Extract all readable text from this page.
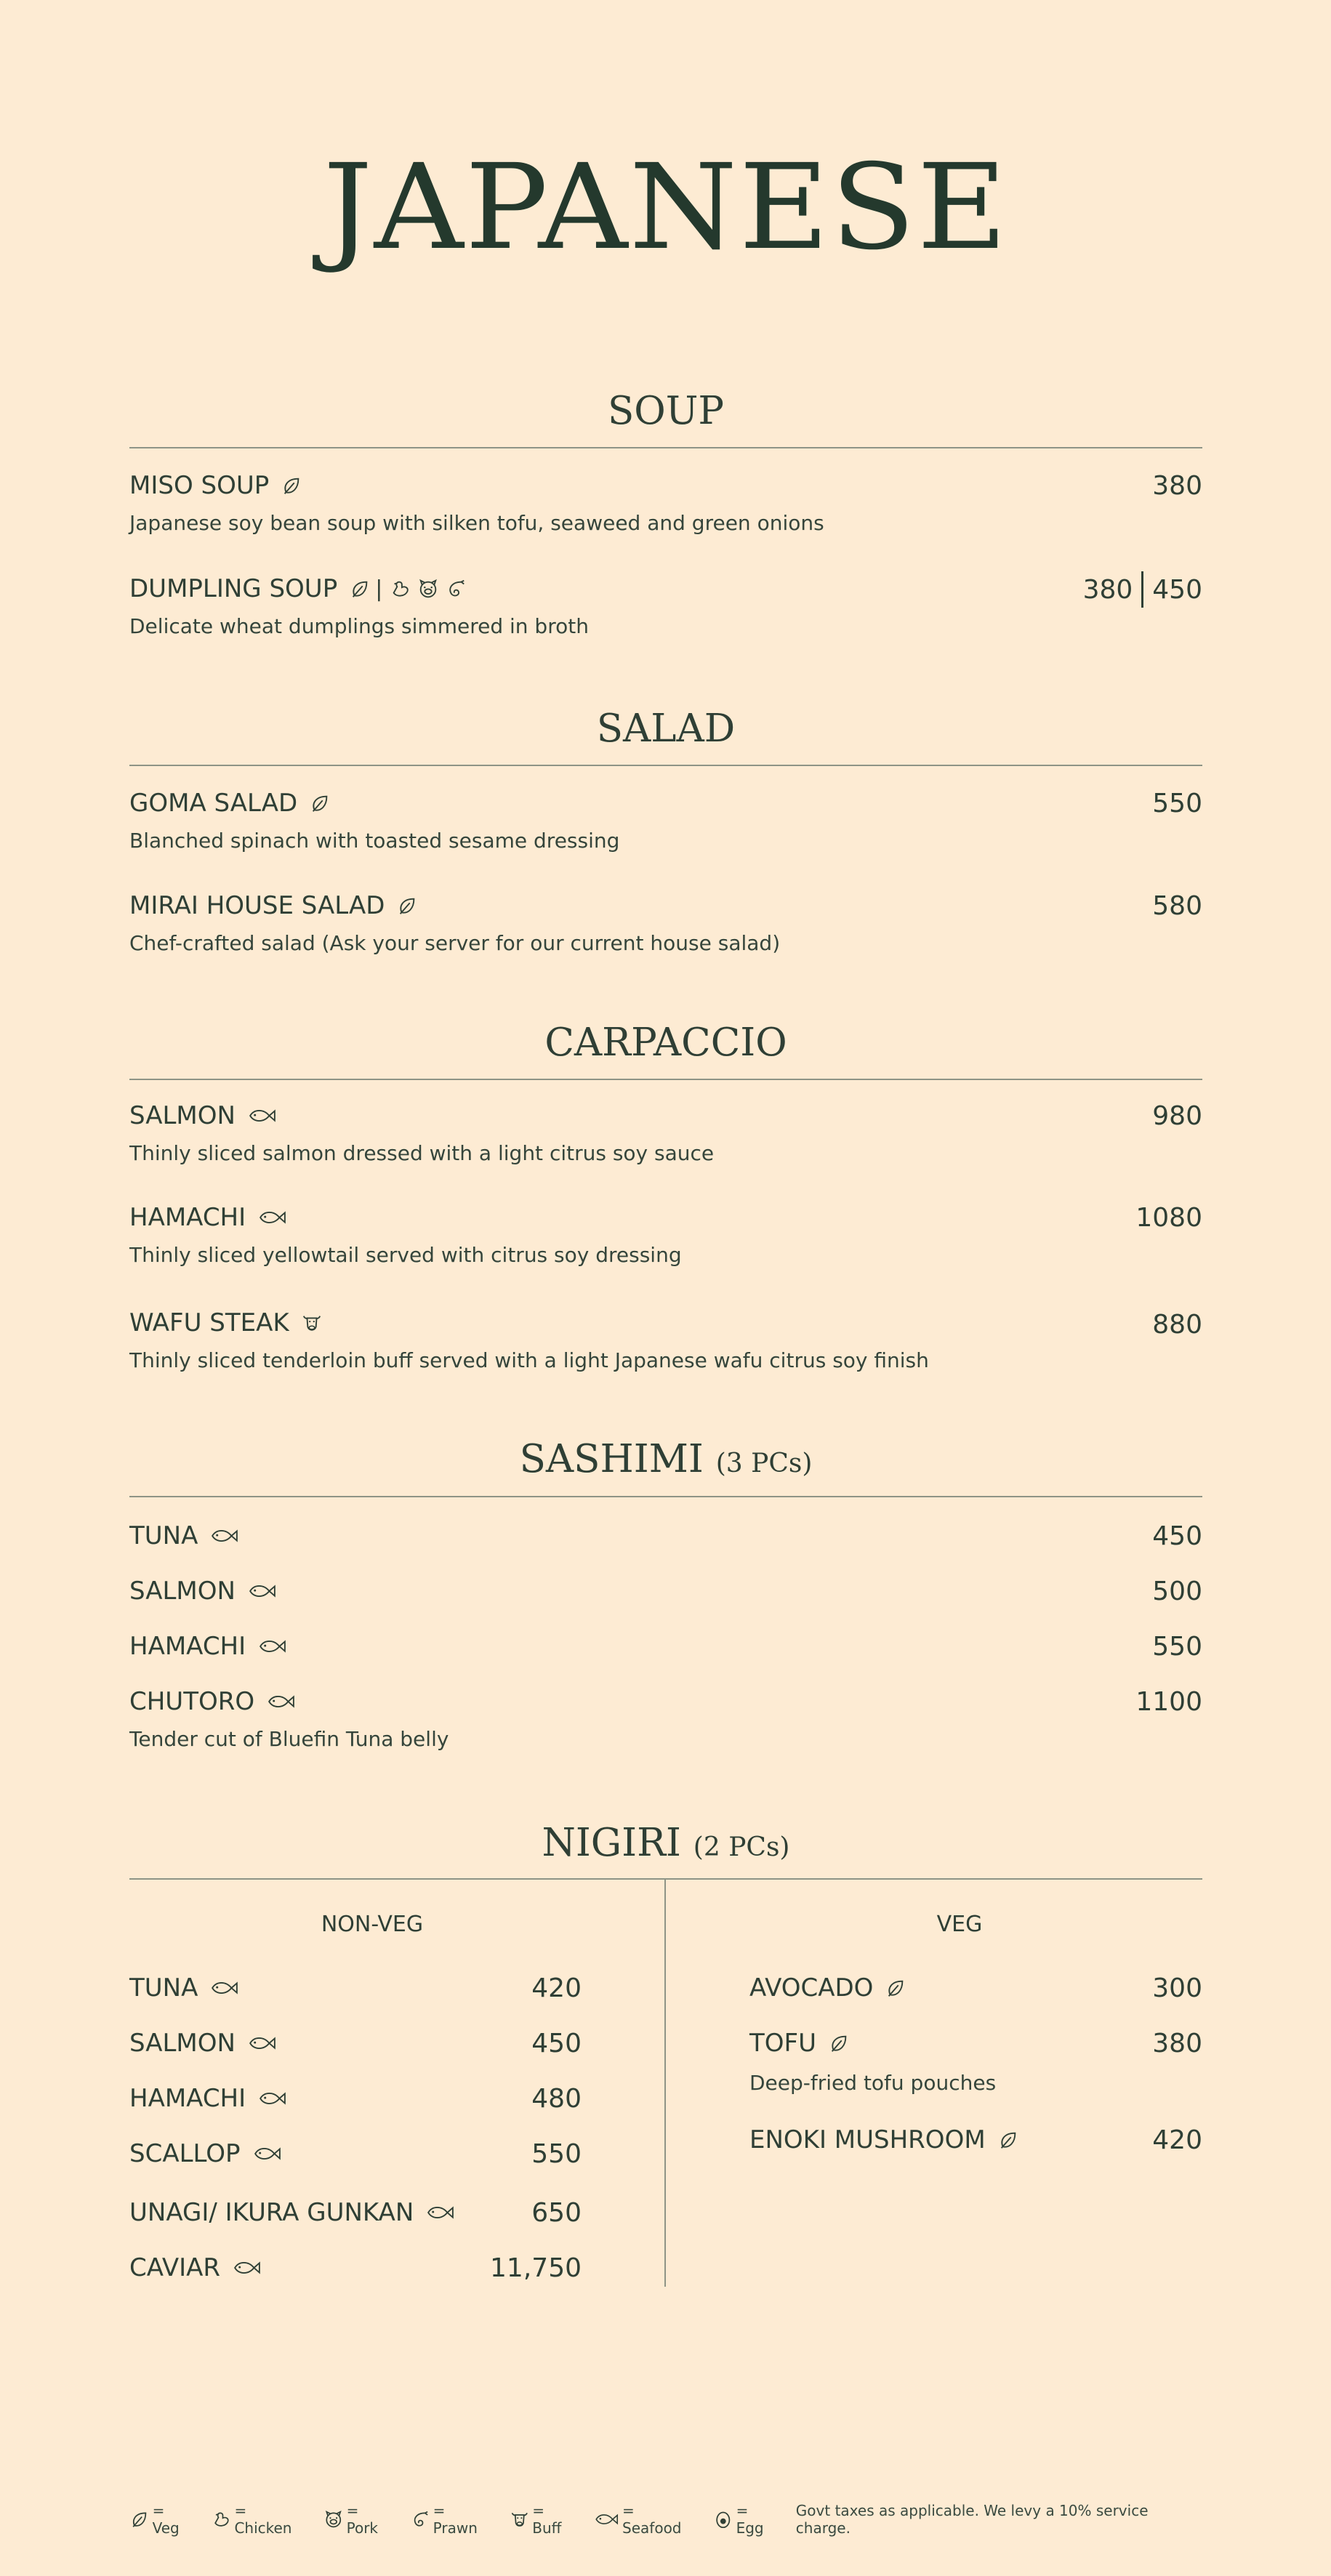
JAPANESE
SOUP
MISO SOUP	380
Japanese soy bean soup with silken tofu, seaweed and green onions
DUMPLING SOUP |	380 450
Delicate wheat dumplings simmered in broth
SALAD
GOMA SALAD	550
Blanched spinach with toasted sesame dressing
MIRAI HOUSE SALAD	580
Chef-crafted salad (Ask your server for our current house salad)
CARPACCIO
SALMON	980
Thinly sliced salmon dressed with a light citrus soy sauce
HAMACHI	1080
Thinly sliced yellowtail served with citrus soy dressing
WAFU STEAK	880
Thinly sliced tenderloin buff served with a light Japanese wafu citrus soy finish
SASHIMI (3 PCs)
TUNA	450
SALMON	500
HAMACHI	550
CHUTORO	1100
Tender cut of Bluefin Tuna belly
NIGIRI (2 PCs)
NON-VEG	VEG
TUNA	420
SALMON	450
HAMACHI	480
SCALLOP	550
UNAGI/ IKURA GUNKAN	650
CAVIAR	11,750
AVOCADO	300
TOFU	380
Deep-fried tofu pouches
ENOKI MUSHROOM	420
= Veg
= Chicken
= Pork
= Prawn
= Buff
= Seafood
= Egg
Govt taxes as applicable. We levy a 10% service charge.
